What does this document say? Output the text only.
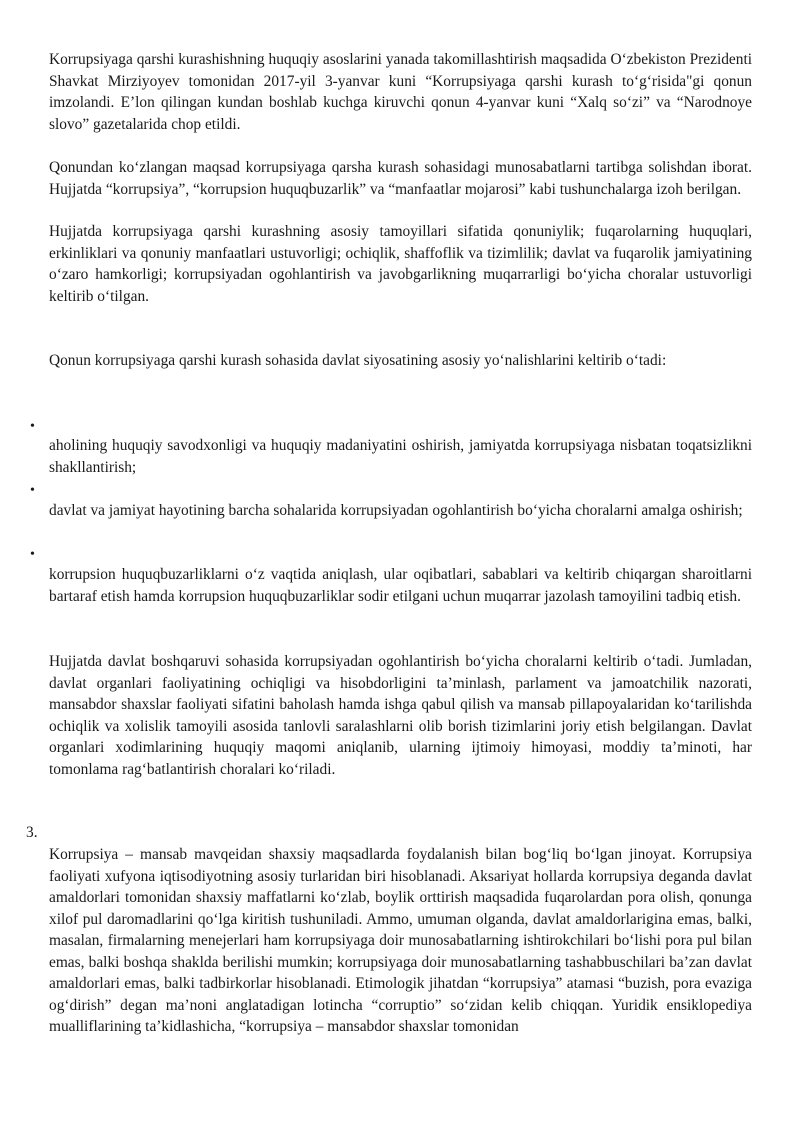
Korrupsiyaga qarshi kurashishning huquqiy asoslarini yanada takomillashtirish maqsadida O‘zbekiston Prezidenti Shavkat Mirziyoyev tomonidan 2017-yil 3-yanvar kuni “Korrupsiyaga qarshi kurash to‘g‘risida"gi qonun imzolandi. E’lon qilingan kundan boshlab kuchga kiruvchi qonun 4-yanvar kuni “Xalq so‘zi” va “Narodnoye slovo” gazetalarida chop etildi.

Qonundan ko‘zlangan maqsad korrupsiyaga qarsha kurash sohasidagi munosabatlarni tartibga solishdan iborat. Hujjatda “korrupsiya”, “korrupsion huquqbuzarlik” va “manfaatlar mojarosi” kabi tushunchalarga izoh berilgan.

Hujjatda korrupsiyaga qarshi kurashning asosiy tamoyillari sifatida qonuniylik; fuqarolarning huquqlari, erkinliklari va qonuniy manfaatlari ustuvorligi; ochiqlik, shaffoflik va tizimlilik; davlat va fuqarolik jamiyatining o‘zaro hamkorligi; korrupsiyadan ogohlantirish va javobgarlikning muqarrarligi bo‘yicha choralar ustuvorligi keltirib o‘tilgan.

Qonun korrupsiyaga qarshi kurash sohasida davlat siyosatining asosiy yo‘nalishlarini keltirib o‘tadi:

•

aholining huquqiy savodxonligi va huquqiy madaniyatini oshirish, jamiyatda korrupsiyaga nisbatan toqatsizlikni shakllantirish;

•

davlat va jamiyat hayotining barcha sohalarida korrupsiyadan ogohlantirish bo‘yicha choralarni amalga oshirish;

•

korrupsion huquqbuzarliklarni o‘z vaqtida aniqlash, ular oqibatlari, sabablari va keltirib chiqargan sharoitlarni bartaraf etish hamda korrupsion huquqbuzarliklar sodir etilgani uchun muqarrar jazolash tamoyilini tadbiq etish.

Hujjatda davlat boshqaruvi sohasida korrupsiyadan ogohlantirish bo‘yicha choralarni keltirib o‘tadi. Jumladan, davlat organlari faoliyatining ochiqligi va hisobdorligini ta’minlash, parlament va jamoatchilik nazorati, mansabdor shaxslar faoliyati sifatini baholash hamda ishga qabul qilish va mansab pillapoyalaridan ko‘tarilishda ochiqlik va xolislik tamoyili asosida tanlovli saralashlarni olib borish tizimlarini joriy etish belgilangan. Davlat organlari xodimlarining huquqiy maqomi aniqlanib, ularning ijtimoiy himoyasi, moddiy ta’minoti, har tomonlama rag‘batlantirish choralari ko‘riladi.

3.

Korrupsiya – mansab mavqeidan shaxsiy maqsadlarda foydalanish bilan bog‘liq bo‘lgan jinoyat. Korrupsiya faoliyati xufyona iqtisodiyotning asosiy turlaridan biri hisoblanadi. Aksariyat hollarda korrupsiya deganda davlat amaldorlari tomonidan shaxsiy maffatlarni ko‘zlab, boylik orttirish maqsadida fuqarolardan pora olish, qonunga xilof pul daromadlarini qo‘lga kiritish tushuniladi. Ammo, umuman olganda, davlat amaldorlarigina emas, balki, masalan, firmalarning menejerlari ham korrupsiyaga doir munosabatlarning ishtirokchilari bo‘lishi pora pul bilan emas, balki boshqa shaklda berilishi mumkin; korrupsiyaga doir munosabatlarning tashabbuschilari ba’zan davlat amaldorlari emas, balki tadbirkorlar hisoblanadi. Etimologik jihatdan “korrupsiya” atamasi “buzish, pora evaziga og‘dirish” degan ma’noni anglatadigan lotincha “corruptio” so‘zidan kelib chiqqan. Yuridik ensiklopediya mualliflarining ta’kidlashicha, “korrupsiya – mansabdor shaxslar tomonidan
